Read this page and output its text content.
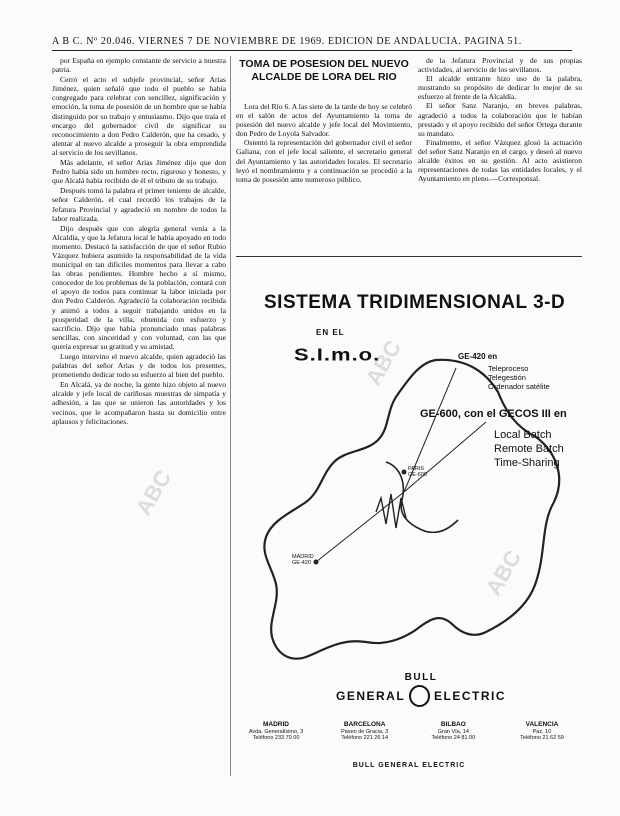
A B C. Nº 20.046. VIERNES 7 DE NOVIEMBRE DE 1969. EDICION DE ANDALUCIA. PAGINA 51.

por España en ejemplo constante de servicio a nuestra patria.

Cerró el acto el subjefe provincial, señor Arias Jiménez, quien señaló que todo el pueblo se había congregado para celebrar con sencillez, significación y emoción, la toma de posesión de un hombre que se había distinguido por su trabajo y entusiasmo. Dijo que traía el encargo del gobernador civil de significar su reconocimiento a don Pedro Calderón, que ha cesado, y alentar al nuevo alcalde a proseguir la obra emprendida al servicio de los sevillanos.

Más adelante, el señor Arias Jiménez dijo que don Pedro había sido un hombre recto, riguroso y honesto, y que Alcalá había recibido de él el tributo de su trabajo.

Después tomó la palabra el primer teniente de alcalde, señor Calderón, el cual recordó los trabajos de la Jefatura Provincial y agradeció en nombre de todos la labor realizada.

Dijo después que con alegría general venía a la Alcaldía, y que la Jefatura local le había apoyado en todo momento. Destacó la satisfacción de que el señor Rubio Vázquez hubiera asumido la responsabilidad de la vida municipal en tan difíciles momentos para llevar a cabo las obras pendientes. Hombre hecho a sí mismo, conocedor de los problemas de la población, contará con el apoyo de todos para continuar la labor iniciada por don Pedro Calderón. Agradeció la colaboración recibida y animó a todos a seguir trabajando unidos en la prosperidad de la villa, obtenida con esfuerzo y sacrificio. Dijo que había pronunciado unas palabras sencillas, con sinceridad y con voluntad, con las que quería expresar su gratitud y su amistad.

Luego intervino el nuevo alcalde, quien agradeció las palabras del señor Arias y de todos los presentes, prometiendo dedicar todo su esfuerzo al bien del pueblo.

En Alcalá, ya de noche, la gente hizo objeto al nuevo alcalde y jefe local de cariñosas muestras de simpatía y adhesión, a las que se unieron las autoridades y los vecinos, que le acompañaron hasta su domicilio entre aplausos y felicitaciones.

TOMA DE POSESION DEL NUEVO ALCALDE DE LORA DEL RIO

Lora del Río 6. A las siete de la tarde de hoy se celebró en el salón de actos del Ayuntamiento la toma de posesión del nuevo alcalde y jefe local del Movimiento, don Pedro de Loyola Salvador.

Ostentó la representación del gobernador civil el señor Galiana, con el jefe local saliente, el secretario general del Ayuntamiento y las autoridades locales. El secretario leyó el nombramiento y a continuación se procedió a la toma de posesión ante numeroso público.

de la Jefatura Provincial y de sus propias actividades, al servicio de los sevillanos.

El alcalde entrante hizo uso de la palabra, mostrando su propósito de dedicar lo mejor de su esfuerzo al frente de la Alcaldía.

El señor Sanz Naranjo, en breves palabras, agradeció a todos la colaboración que le habían prestado y el apoyo recibido del señor Ortega durante su mandato.

Finalmente, el señor Vázquez glosó la actuación del señor Sanz Naranjo en el cargo, y deseó al nuevo alcalde éxitos en su gestión. Al acto asistieron representaciones de todas las entidades locales, y el Ayuntamiento en pleno.—Corresponsal.

SISTEMA TRIDIMENSIONAL 3-D
EN EL
S.I.m.o.	GE-420 en
Teleproceso
Telegestión
Ordenador satélite
GE-600, con el GECOS III en
Local Batch
Remote Batch
Time-Sharing
PARIS
GE-600
MADRID
GE-420
BULL
GENERAL ELECTRIC
MADRID
Avda. Generalísimo, 3
Teléfono 233 70 00
BARCELONA
Paseo de Gracia, 3
Teléfono 221 26 14
BILBAO
Gran Vía, 14
Teléfono 24 81 00
VALENCIA
Paz, 10
Teléfono 21 62 59
BULL GENERAL ELECTRIC
ABC
ABC
ABC
